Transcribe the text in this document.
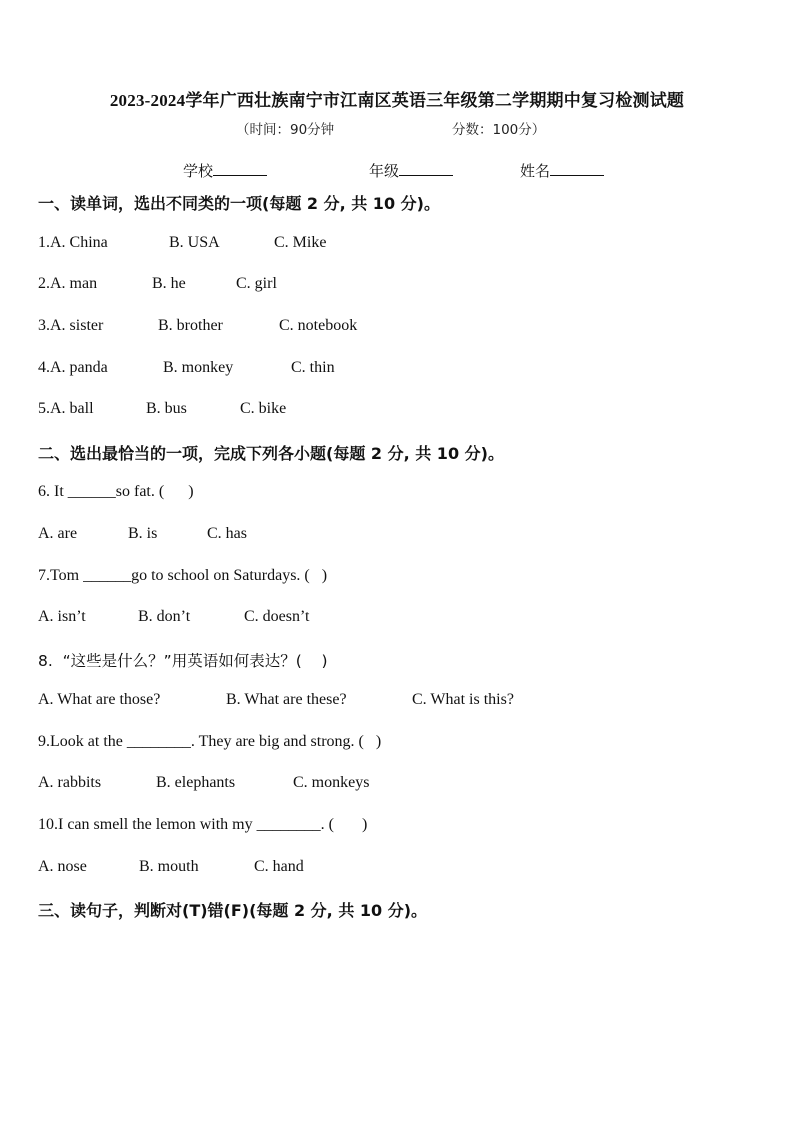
2023-2024学年广西壮族南宁市江南区英语三年级第二学期期中复习检测试题
（时间：90分钟	分数：100分）
学校	年级	姓名
一、读单词，选出不同类的一项(每题 2 分, 共 10 分)。
1.A. China	B. USA	C. Mike
2.A. man	B. he	C. girl
3.A. sister	B. brother	C. notebook
4.A. panda	B. monkey	C. thin
5.A. ball	B. bus	C. bike
二、选出最恰当的一项，完成下列各小题(每题 2 分, 共 10 分)。
6. It ______so fat. (      )
A. are	B. is	C. has
7.Tom ______go to school on Saturdays. (   )
A. isn’t	B. don’t	C. doesn’t
8.  “这些是什么？”用英语如何表达？(    )
A. What are those?	B. What are these?	C. What is this?
9.Look at the ________. They are big and strong. (   )
A. rabbits	B. elephants	C. monkeys
10.I can smell the lemon with my ________. (       )
A. nose	B. mouth	C. hand
三、读句子，判断对(T)错(F)(每题 2 分, 共 10 分)。
